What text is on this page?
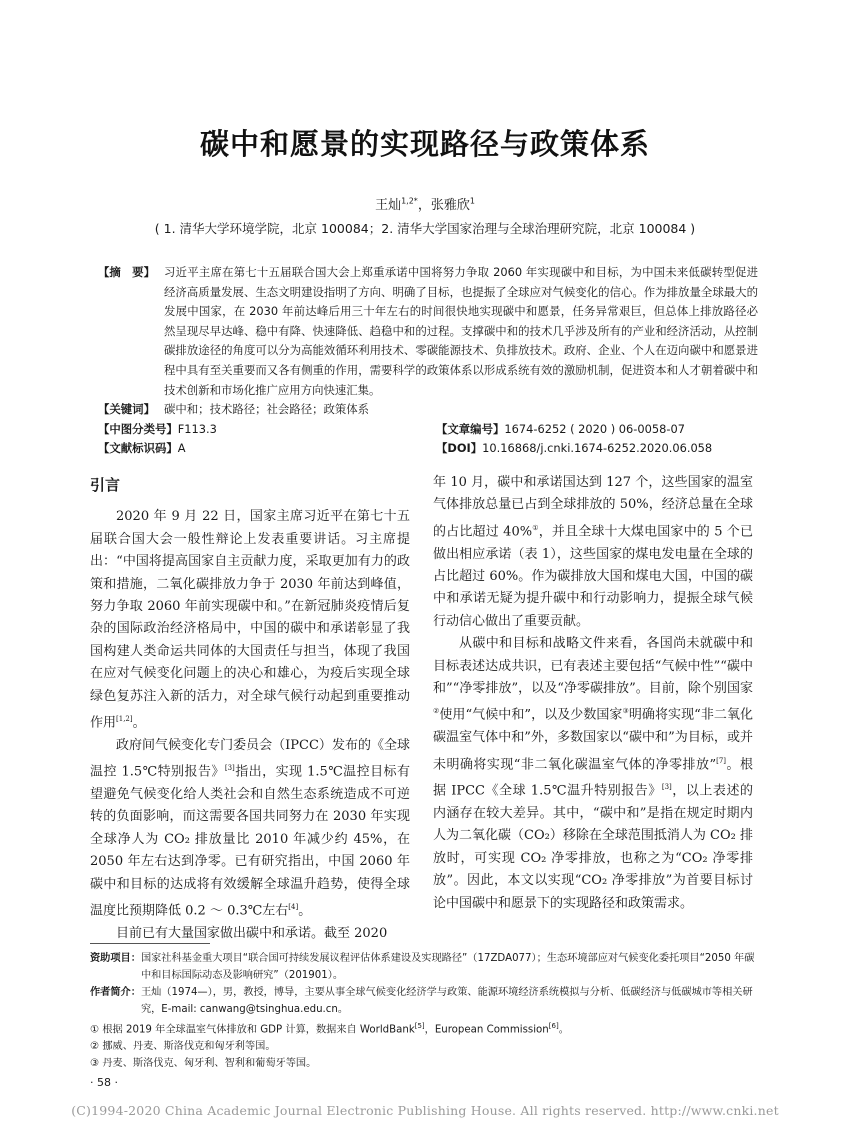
碳中和愿景的实现路径与政策体系
王灿$^{1,2*}$，张雅欣$^1$
( 1. 清华大学环境学院，北京 100084；2. 清华大学国家治理与全球治理研究院，北京 100084 )
【摘　要】 习近平主席在第七十五届联合国大会上郑重承诺中国将努力争取 2060 年实现碳中和目标，为中国未来低碳转型促进经济高质量发展、生态文明建设指明了方向、明确了目标，也提振了全球应对气候变化的信心。作为排放量全球最大的发展中国家，在 2030 年前达峰后用三十年左右的时间很快地实现碳中和愿景，任务异常艰巨，但总体上排放路径必然呈现尽早达峰、稳中有降、快速降低、趋稳中和的过程。支撑碳中和的技术几乎涉及所有的产业和经济活动，从控制碳排放途径的角度可以分为高能效循环利用技术、零碳能源技术、负排放技术。政府、企业、个人在迈向碳中和愿景进程中具有至关重要而又各有侧重的作用，需要科学的政策体系以形成系统有效的激励机制，促进资本和人才朝着碳中和技术创新和市场化推广应用方向快速汇集。
【关键词】 碳中和；技术路径；社会路径；政策体系
【中图分类号】F113.3	【文章编号】1674-6252 ( 2020 ) 06-0058-07
【文献标识码】A	【DOI】10.16868/j.cnki.1674-6252.2020.06.058
引言

2020 年 9 月 22 日，国家主席习近平在第七十五届联合国大会一般性辩论上发表重要讲话。习主席提出：“中国将提高国家自主贡献力度，采取更加有力的政策和措施，二氧化碳排放力争于 2030 年前达到峰值，努力争取 2060 年前实现碳中和。”在新冠肺炎疫情后复杂的国际政治经济格局中，中国的碳中和承诺彰显了我国构建人类命运共同体的大国责任与担当，体现了我国在应对气候变化问题上的决心和雄心，为疫后实现全球绿色复苏注入新的活力，对全球气候行动起到重要推动作用[1,2]。

政府间气候变化专门委员会（IPCC）发布的《全球温控 1.5℃特别报告》[3]指出，实现 1.5℃温控目标有望避免气候变化给人类社会和自然生态系统造成不可逆转的负面影响，而这需要各国共同努力在 2030 年实现全球净人为 CO₂ 排放量比 2010 年减少约 45%，在 2050 年左右达到净零。已有研究指出，中国 2060 年碳中和目标的达成将有效缓解全球温升趋势，使得全球温度比预期降低 0.2 ～ 0.3℃左右[4]。

目前已有大量国家做出碳中和承诺。截至 2020

年 10 月，碳中和承诺国达到 127 个，这些国家的温室气体排放总量已占到全球排放的 50%，经济总量在全球的占比超过 40%①，并且全球十大煤电国家中的 5 个已做出相应承诺（表 1），这些国家的煤电发电量在全球的占比超过 60%。作为碳排放大国和煤电大国，中国的碳中和承诺无疑为提升碳中和行动影响力，提振全球气候行动信心做出了重要贡献。

从碳中和目标和战略文件来看，各国尚未就碳中和目标表述达成共识，已有表述主要包括“气候中性”“碳中和”“净零排放”，以及“净零碳排放”。目前，除个别国家②使用“气候中和”，以及少数国家③明确将实现“非二氧化碳温室气体中和”外，多数国家以“碳中和”为目标，或并未明确将实现“非二氧化碳温室气体的净零排放”[7]。根据 IPCC《全球 1.5℃温升特别报告》[3]，以上表述的内涵存在较大差异。其中，“碳中和”是指在规定时期内人为二氧化碳（CO₂）移除在全球范围抵消人为 CO₂ 排放时，可实现 CO₂ 净零排放，也称之为“CO₂ 净零排放”。因此，本文以实现“CO₂ 净零排放”为首要目标讨论中国碳中和愿景下的实现路径和政策需求。

资助项目： 国家社科基金重大项目“联合国可持续发展议程评估体系建设及实现路径”（17ZDA077）；生态环境部应对气候变化委托项目“2050 年碳中和目标国际动态及影响研究”（201901）。
作者简介： 王灿（1974—），男，教授，博导，主要从事全球气候变化经济学与政策、能源环境经济系统模拟与分析、低碳经济与低碳城市等相关研究，E-mail: canwang@tsinghua.edu.cn。
① 根据 2019 年全球温室气体排放和 GDP 计算，数据来自 WorldBank[5]，European Commission[6]。
② 挪威、丹麦、斯洛伐克和匈牙利等国。
③ 丹麦、斯洛伐克、匈牙利、智利和葡萄牙等国。
· 58 ·
(C)1994-2020 China Academic Journal Electronic Publishing House. All rights reserved. http://www.cnki.net
